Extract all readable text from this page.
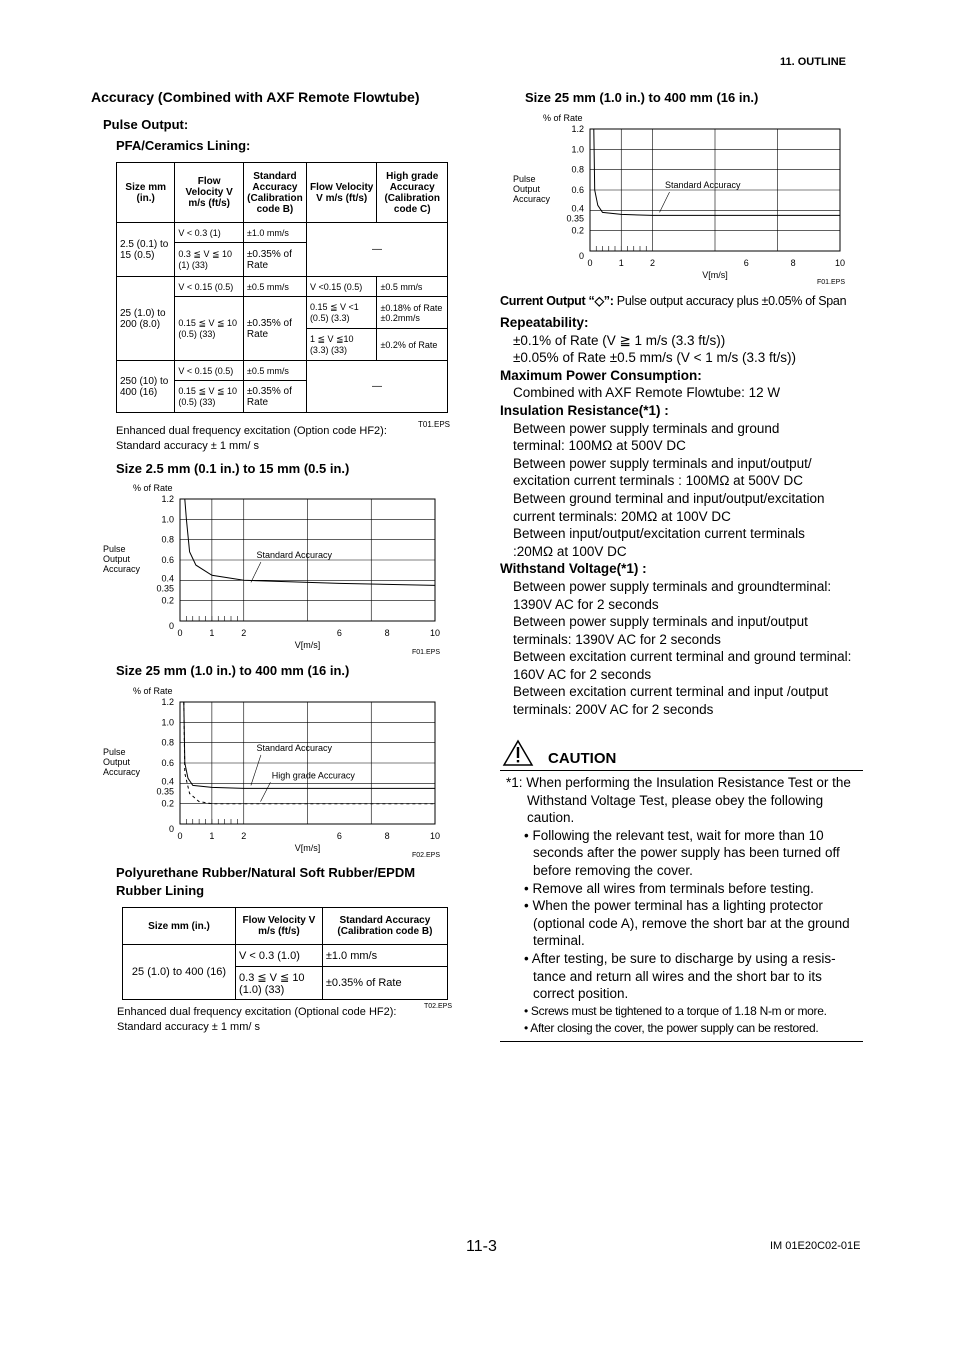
11. OUTLINE
Accuracy (Combined with AXF Remote Flowtube)
Pulse Output:
PFA/Ceramics Lining:
Size mm (in.)	Flow Velocity V m/s (ft/s)	Standard Accuracy (Calibration code B)	Flow Velocity V m/s (ft/s)	High grade Accuracy (Calibration code C)
2.5 (0.1) to 15 (0.5)	V < 0.3 (1)	±1.0 mm/s	—	
	0.3 ≦ V ≦ 10 (1) (33)	±0.35% of Rate		
25 (1.0) to 200 (8.0)	V < 0.15 (0.5)	±0.5 mm/s	V <0.15 (0.5)	±0.5 mm/s
	0.15 ≦ V ≦ 10 (0.5) (33)	±0.35% of Rate	0.15 ≦ V <1 (0.5) (3.3)	±0.18% of Rate ±0.2mm/s
			1 ≦ V ≦10 (3.3) (33)	±0.2% of Rate
250 (10) to 400 (16)	V < 0.15 (0.5)	±0.5 mm/s	—	
	0.15 ≦ V ≦ 10 (0.5) (33)	±0.35% of Rate		
T01.EPS
Enhanced dual frequency excitation (Option code HF2):
Standard accuracy ± 1 mm/ s
Size 2.5 mm (0.1 in.) to 15 mm (0.5 in.)
1.2
1.0
0.8
0.6
0.4
0.35
0.2
0
0	1	2	6	8	10
% of Rate
V[m/s]
Pulse
Output
Accuracy
F01.EPS
Standard Accuracy
Size 25 mm (1.0 in.) to 400 mm (16 in.)
1.2
1.0
0.8
0.6
0.4
0.35
0.2
0
0	1	2	6	8	10
% of Rate
V[m/s]
Pulse
Output
Accuracy
F02.EPS
Standard Accuracy
High grade Accuracy
Polyurethane Rubber/Natural Soft Rubber/EPDM
Rubber Lining
Size mm (in.)	Flow Velocity V m/s (ft/s)	Standard Accuracy (Calibration code B)
25 (1.0) to 400 (16)	V < 0.3 (1.0)	±1.0 mm/s
	0.3 ≦ V ≦ 10 (1.0) (33)	±0.35% of Rate
T02.EPS
Enhanced dual frequency excitation (Optional code HF2):
Standard accuracy ± 1 mm/ s
Size 25 mm (1.0 in.) to 400 mm (16 in.)
1.2
1.0
0.8
0.6
0.4
0.35
0.2
0
0	1	2	6	8	10
% of Rate
V[m/s]
Pulse
Output
Accuracy
F01.EPS
Standard Accuracy
Current Output “◇”: Pulse output accuracy plus ±0.05% of Span
Repeatability:
±0.1% of Rate (V ≧ 1 m/s (3.3 ft/s))
±0.05% of Rate ±0.5 mm/s (V < 1 m/s (3.3 ft/s))
Maximum Power Consumption:
Combined with AXF Remote Flowtube: 12 W
Insulation Resistance(*1) :
Between power supply terminals and ground
terminal: 100MΩ at 500V DC
Between power supply terminals and input/output/
excitation current terminals : 100MΩ at 500V DC
Between ground terminal and input/output/excitation
current terminals: 20MΩ at 100V DC
Between input/output/excitation current terminals
:20MΩ at 100V DC
Withstand Voltage(*1) :
Between power supply terminals and groundterminal:
1390V AC for 2 seconds
Between power supply terminals and input/output
terminals: 1390V AC for 2 seconds
Between excitation current terminal and ground terminal:
160V AC for 2 seconds
Between excitation current terminal and input /output
terminals: 200V AC for 2 seconds
CAUTION
*1: When performing the Insulation Resistance Test or the
Withstand Voltage Test, please obey the following
caution.
• Following the relevant test, wait for more than 10
seconds after the power supply has been turned off
before removing the cover.
• Remove all wires from terminals before testing.
• When the power terminal has a lighting protector
(optional code A), remove the short bar at the ground
terminal.
• After testing, be sure to discharge by using a resis-
tance and return all wires and the short bar to its
correct position.
• Screws must be tightened to a torque of 1.18 N-m or more.
• After closing the cover, the power supply can be restored.
11-3	IM 01E20C02-01E
